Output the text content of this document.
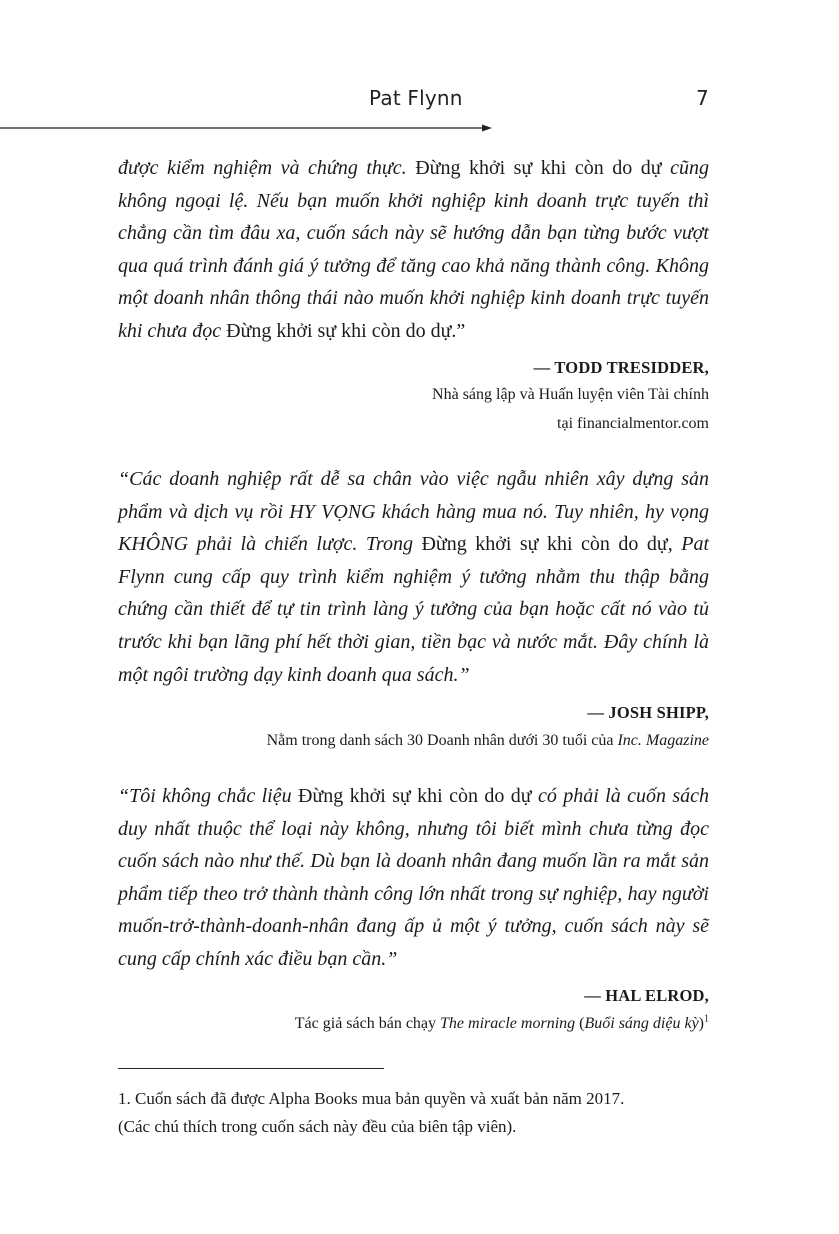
Pat Flynn	7

được kiểm nghiệm và chứng thực. Đừng khởi sự khi còn do dự cũng không ngoại lệ. Nếu bạn muốn khởi nghiệp kinh doanh trực tuyến thì chẳng cần tìm đâu xa, cuốn sách này sẽ hướng dẫn bạn từng bước vượt qua quá trình đánh giá ý tưởng để tăng cao khả năng thành công. Không một doanh nhân thông thái nào muốn khởi nghiệp kinh doanh trực tuyến khi chưa đọc Đừng khởi sự khi còn do dự.”

— TODD TRESIDDER,
Nhà sáng lập và Huấn luyện viên Tài chính
tại financialmentor.com

“Các doanh nghiệp rất dễ sa chân vào việc ngẫu nhiên xây dựng sản phẩm và dịch vụ rồi HY VỌNG khách hàng mua nó. Tuy nhiên, hy vọng KHÔNG phải là chiến lược. Trong Đừng khởi sự khi còn do dự, Pat Flynn cung cấp quy trình kiểm nghiệm ý tưởng nhằm thu thập bằng chứng cần thiết để tự tin trình làng ý tưởng của bạn hoặc cất nó vào tủ trước khi bạn lãng phí hết thời gian, tiền bạc và nước mắt. Đây chính là một ngôi trường dạy kinh doanh qua sách.”

— JOSH SHIPP,
Nằm trong danh sách 30 Doanh nhân dưới 30 tuổi của Inc. Magazine

“Tôi không chắc liệu Đừng khởi sự khi còn do dự có phải là cuốn sách duy nhất thuộc thể loại này không, nhưng tôi biết mình chưa từng đọc cuốn sách nào như thế. Dù bạn là doanh nhân đang muốn lần ra mắt sản phẩm tiếp theo trở thành thành công lớn nhất trong sự nghiệp, hay người muốn-trở-thành-doanh-nhân đang ấp ủ một ý tưởng, cuốn sách này sẽ cung cấp chính xác điều bạn cần.”

— HAL ELROD,
Tác giả sách bán chạy The miracle morning (Buổi sáng diệu kỳ)$^1$

1. Cuốn sách đã được Alpha Books mua bản quyền và xuất bản năm 2017.
(Các chú thích trong cuốn sách này đều của biên tập viên).
